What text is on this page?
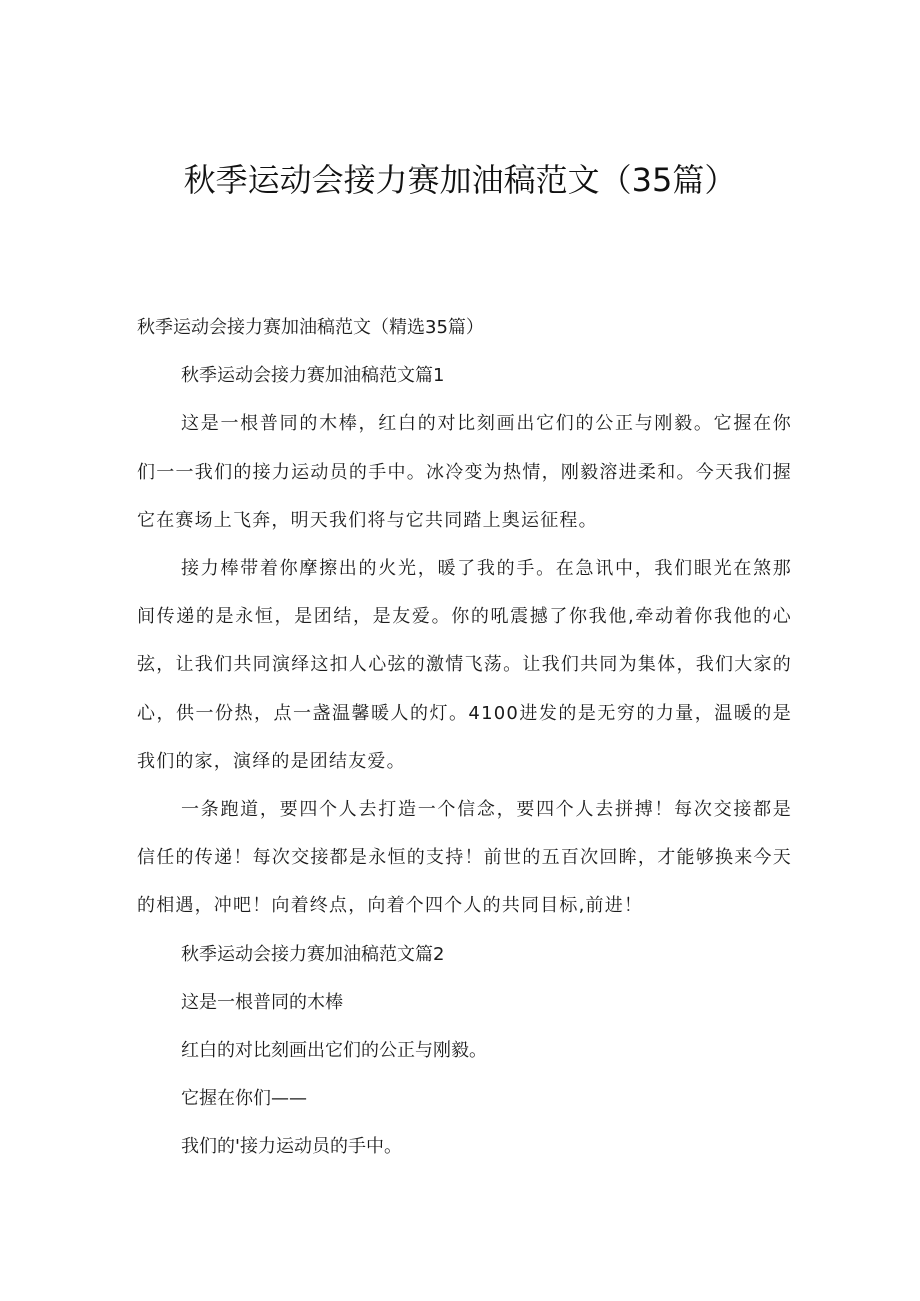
秋季运动会接力赛加油稿范文（35篇）

秋季运动会接力赛加油稿范文（精选35篇）

秋季运动会接力赛加油稿范文篇1

这是一根普同的木棒，红白的对比刻画出它们的公正与刚毅。它握在你们一一我们的接力运动员的手中。冰冷变为热情，刚毅溶进柔和。今天我们握它在赛场上飞奔，明天我们将与它共同踏上奥运征程。

接力棒带着你摩擦出的火光，暖了我的手。在急讯中，我们眼光在煞那间传递的是永恒，是团结，是友爱。你的吼震撼了你我他,牵动着你我他的心弦，让我们共同演绎这扣人心弦的激情飞荡。让我们共同为集体，我们大家的心，供一份热，点一盏温馨暖人的灯。4100进发的是无穷的力量，温暖的是我们的家，演绎的是团结友爱。

一条跑道，要四个人去打造一个信念，要四个人去拼搏！每次交接都是信任的传递！每次交接都是永恒的支持！前世的五百次回眸，才能够换来今天的相遇，冲吧！向着终点，向着个四个人的共同目标,前进！

秋季运动会接力赛加油稿范文篇2

这是一根普同的木棒

红白的对比刻画出它们的公正与刚毅。

它握在你们——

我们的'接力运动员的手中。
